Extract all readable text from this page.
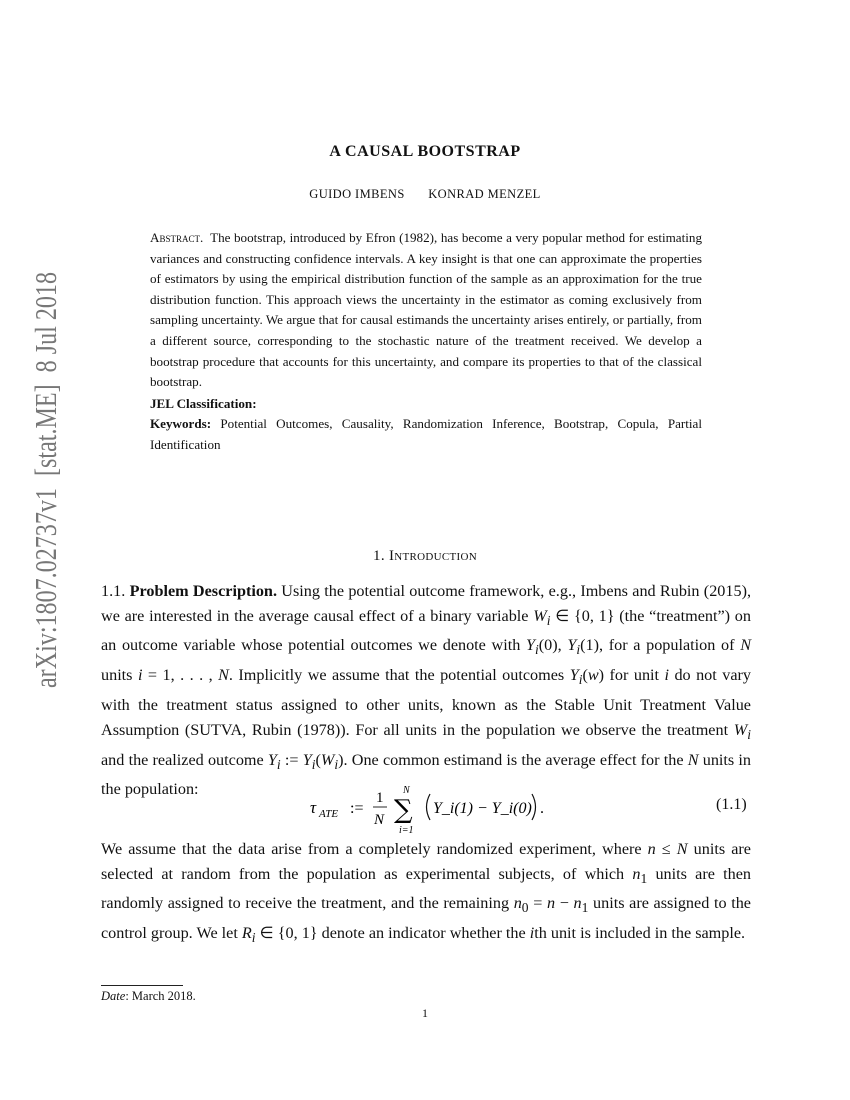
arXiv:1807.02737v1  [stat.ME]  8 Jul 2018
A CAUSAL BOOTSTRAP
GUIDO IMBENS KONRAD MENZEL
Abstract. The bootstrap, introduced by Efron (1982), has become a very popular method for estimating variances and constructing confidence intervals. A key insight is that one can approximate the properties of estimators by using the empirical distribution function of the sample as an approximation for the true distribution function. This approach views the uncertainty in the estimator as coming exclusively from sampling uncertainty. We argue that for causal estimands the uncertainty arises entirely, or partially, from a different source, corresponding to the stochastic nature of the treatment received. We develop a bootstrap procedure that accounts for this uncertainty, and compare its properties to that of the classical bootstrap.
JEL Classification:
Keywords: Potential Outcomes, Causality, Randomization Inference, Bootstrap, Copula, Partial Identification
1. Introduction
1.1. Problem Description. Using the potential outcome framework, e.g., Imbens and Rubin (2015), we are interested in the average causal effect of a binary variable $W_i$ ∈ {0, 1} (the “treatment”) on an outcome variable whose potential outcomes we denote with $Y_i(0)$, $Y_i(1)$, for a population of N units i = 1, . . . , N. Implicitly we assume that the potential outcomes $Y_i(w)$ for unit i do not vary with the treatment status assigned to other units, known as the Stable Unit Treatment Value Assumption (SUTVA, Rubin (1978)). For all units in the population we observe the treatment $W_i$ and the realized outcome $Y_i$ := $Y_i(W_i)$. One common estimand is the average effect for the N units in the population:
τ ATE :=
1
N
N
∑
i=1
Y_i(1) − Y_i(0) .	(1.1)
We assume that the data arise from a completely randomized experiment, where n ≤ N units are selected at random from the population as experimental subjects, of which $n_1$ units are then randomly assigned to receive the treatment, and the remaining $n_0 = n - n_1$ units are assigned to the control group. We let $R_i$ ∈ {0, 1} denote an indicator whether the ith unit is included in the sample.
Date: March 2018.
1
